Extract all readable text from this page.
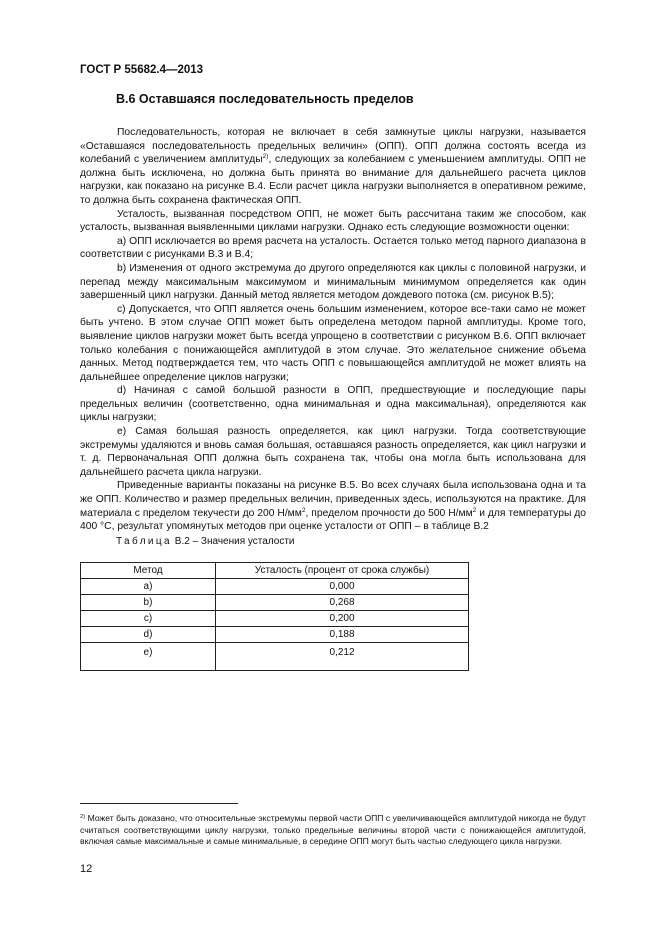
ГОСТ Р 55682.4—2013
B.6 Оставшаяся последовательность пределов

Последовательность, которая не включает в себя замкнутые циклы нагрузки, называется «Оставшаяся последовательность предельных величин» (ОПП). ОПП должна состоять всегда из колебаний с увеличением амплитуды$^{2)}$, следующих за колебанием с уменьшением амплитуды. ОПП не должна быть исключена, но должна быть принята во внимание для дальнейшего расчета циклов нагрузки, как показано на рисунке B.4. Если расчет цикла нагрузки выполняется в оперативном режиме, то должна быть сохранена фактическая ОПП.

Усталость, вызванная посредством ОПП, не может быть рассчитана таким же способом, как усталость, вызванная выявленными циклами нагрузки. Однако есть следующие возможности оценки:

а) ОПП исключается во время расчета на усталость. Остается только метод парного диапазона в соответствии с рисунками B.3 и B.4;

b) Изменения от одного экстремума до другого определяются как циклы с половиной нагрузки, и перепад между максимальным максимумом и минимальным минимумом определяется как один завершенный цикл нагрузки. Данный метод является методом дождевого потока (см. рисунок B.5);

с) Допускается, что ОПП является очень большим изменением, которое все-таки само не может быть учтено. В этом случае ОПП может быть определена методом парной амплитуды. Кроме того, выявление циклов нагрузки может быть всегда упрощено в соответствии с рисунком B.6. ОПП включает только колебания с понижающейся амплитудой в этом случае. Это желательное снижение объема данных. Метод подтверждается тем, что часть ОПП с повышающейся амплитудой не может влиять на дальнейшее определение циклов нагрузки;

d) Начиная с самой большой разности в ОПП, предшествующие и последующие пары предельных величин (соответственно, одна минимальная и одна максимальная), определяются как циклы нагрузки;

е) Самая большая разность определяется, как цикл нагрузки. Тогда соответствующие экстремумы удаляются и вновь самая большая, оставшаяся разность определяется, как цикл нагрузки и т. д. Первоначальная ОПП должна быть сохранена так, чтобы она могла быть использована для дальнейшего расчета цикла нагрузки.

Приведенные варианты показаны на рисунке B.5. Во всех случаях была использована одна и та же ОПП. Количество и размер предельных величин, приведенных здесь, используются на практике. Для материала с пределом текучести до 200 $Н/мм^2$, пределом прочности до 500 $Н/мм^2$ и для температуры до 400 °С, результат упомянутых методов при оценке усталости от ОПП – в таблице B.2

Таблица B.2 – Значения усталости
Метод	Усталость (процент от срока службы)
a)	0,000
b)	0,268
c)	0,200
d)	0,188
e)	0,212
$^{2)}$ Может быть доказано, что относительные экстремумы первой части ОПП с увеличивающейся амплитудой никогда не будут считаться соответствующими циклу нагрузки, только предельные величины второй части с понижающейся амплитудой, включая самые максимальные и самые минимальные, в середине ОПП могут быть частью следующего цикла нагрузки.
12
